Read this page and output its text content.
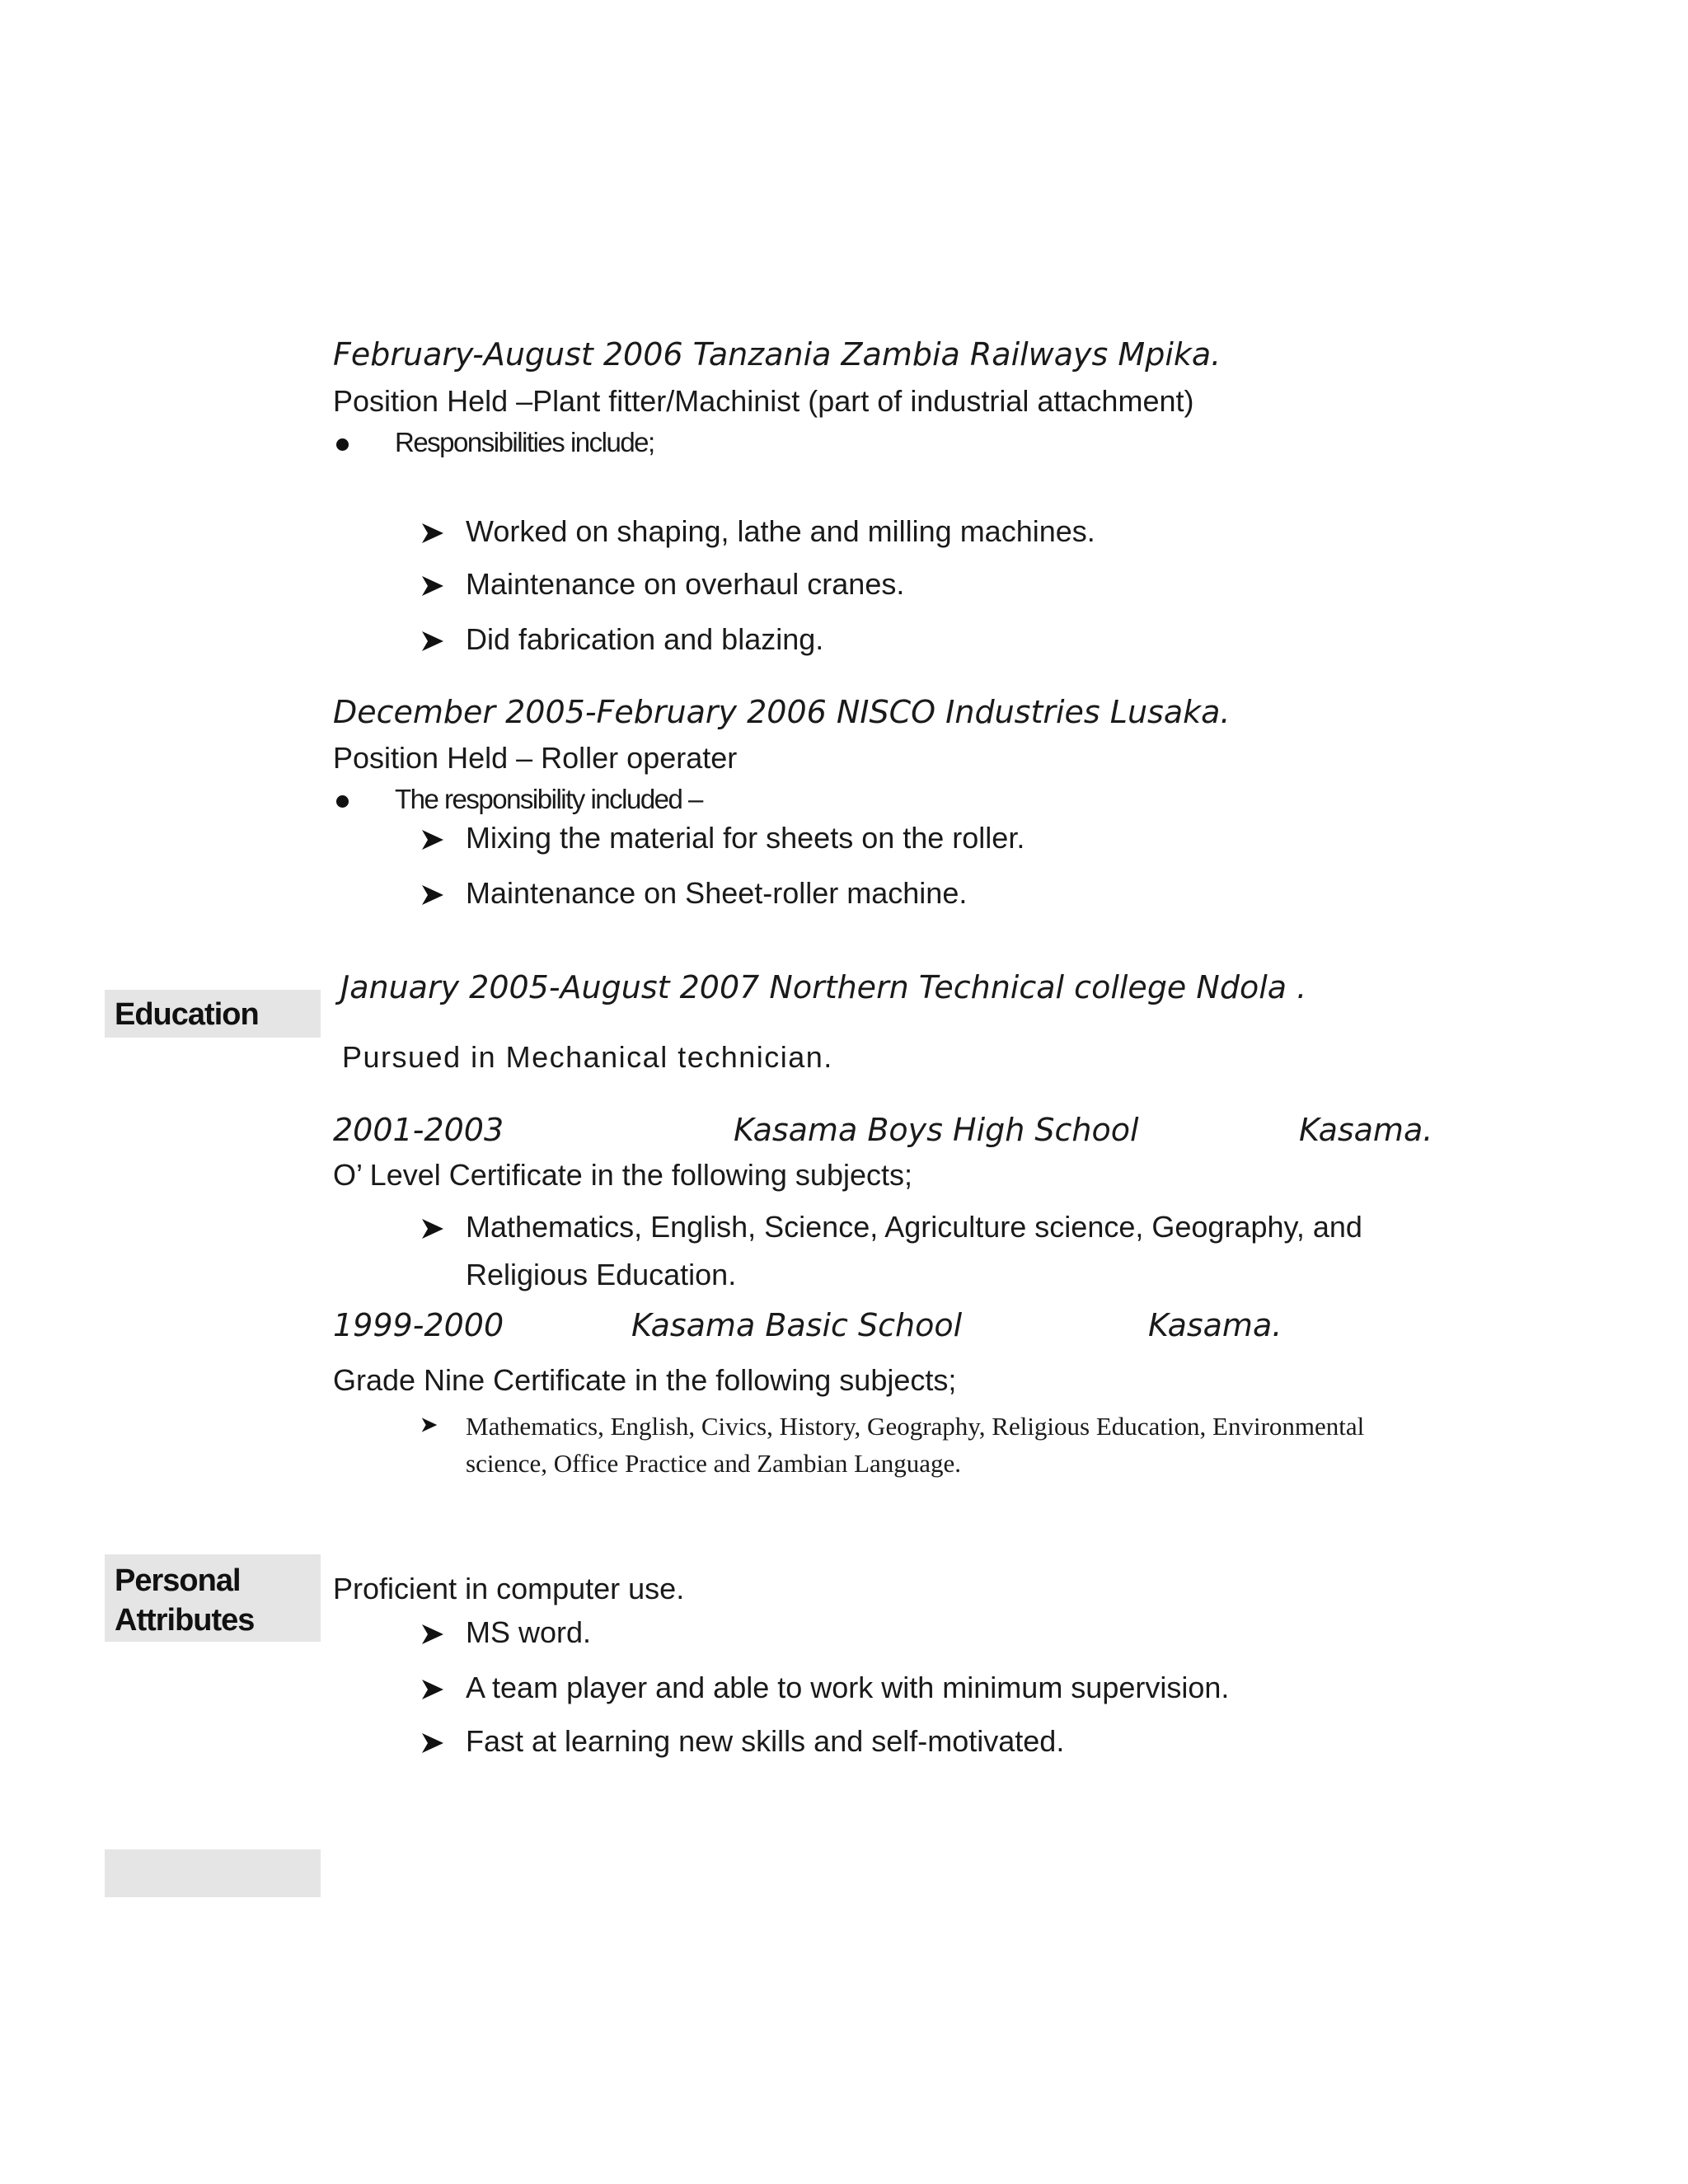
February-August 2006 Tanzania Zambia Railways Mpika.
Position Held –Plant fitter/Machinist (part of industrial attachment)
Responsibilities include;
Worked on shaping, lathe and milling machines.
Maintenance on overhaul cranes.
Did fabrication and blazing.
December 2005-February 2006 NISCO Industries Lusaka.
Position Held – Roller operater
The responsibility included –
Mixing the material for sheets on the roller.
Maintenance on Sheet-roller machine.
Education
January 2005-August 2007 Northern Technical college Ndola .
Pursued in Mechanical technician.
2001-2003	Kasama Boys High School	Kasama.
O’ Level Certificate in the following subjects;
Mathematics, English, Science, Agriculture science, Geography, and
Religious Education.
1999-2000	Kasama Basic School	Kasama.
Grade Nine Certificate in the following subjects;
Mathematics, English, Civics, History, Geography, Religious Education, Environmental
science, Office Practice and Zambian Language.
Personal
Attributes
Proficient in computer use.
MS word.
A team player and able to work with minimum supervision.
Fast at learning new skills and self-motivated.
